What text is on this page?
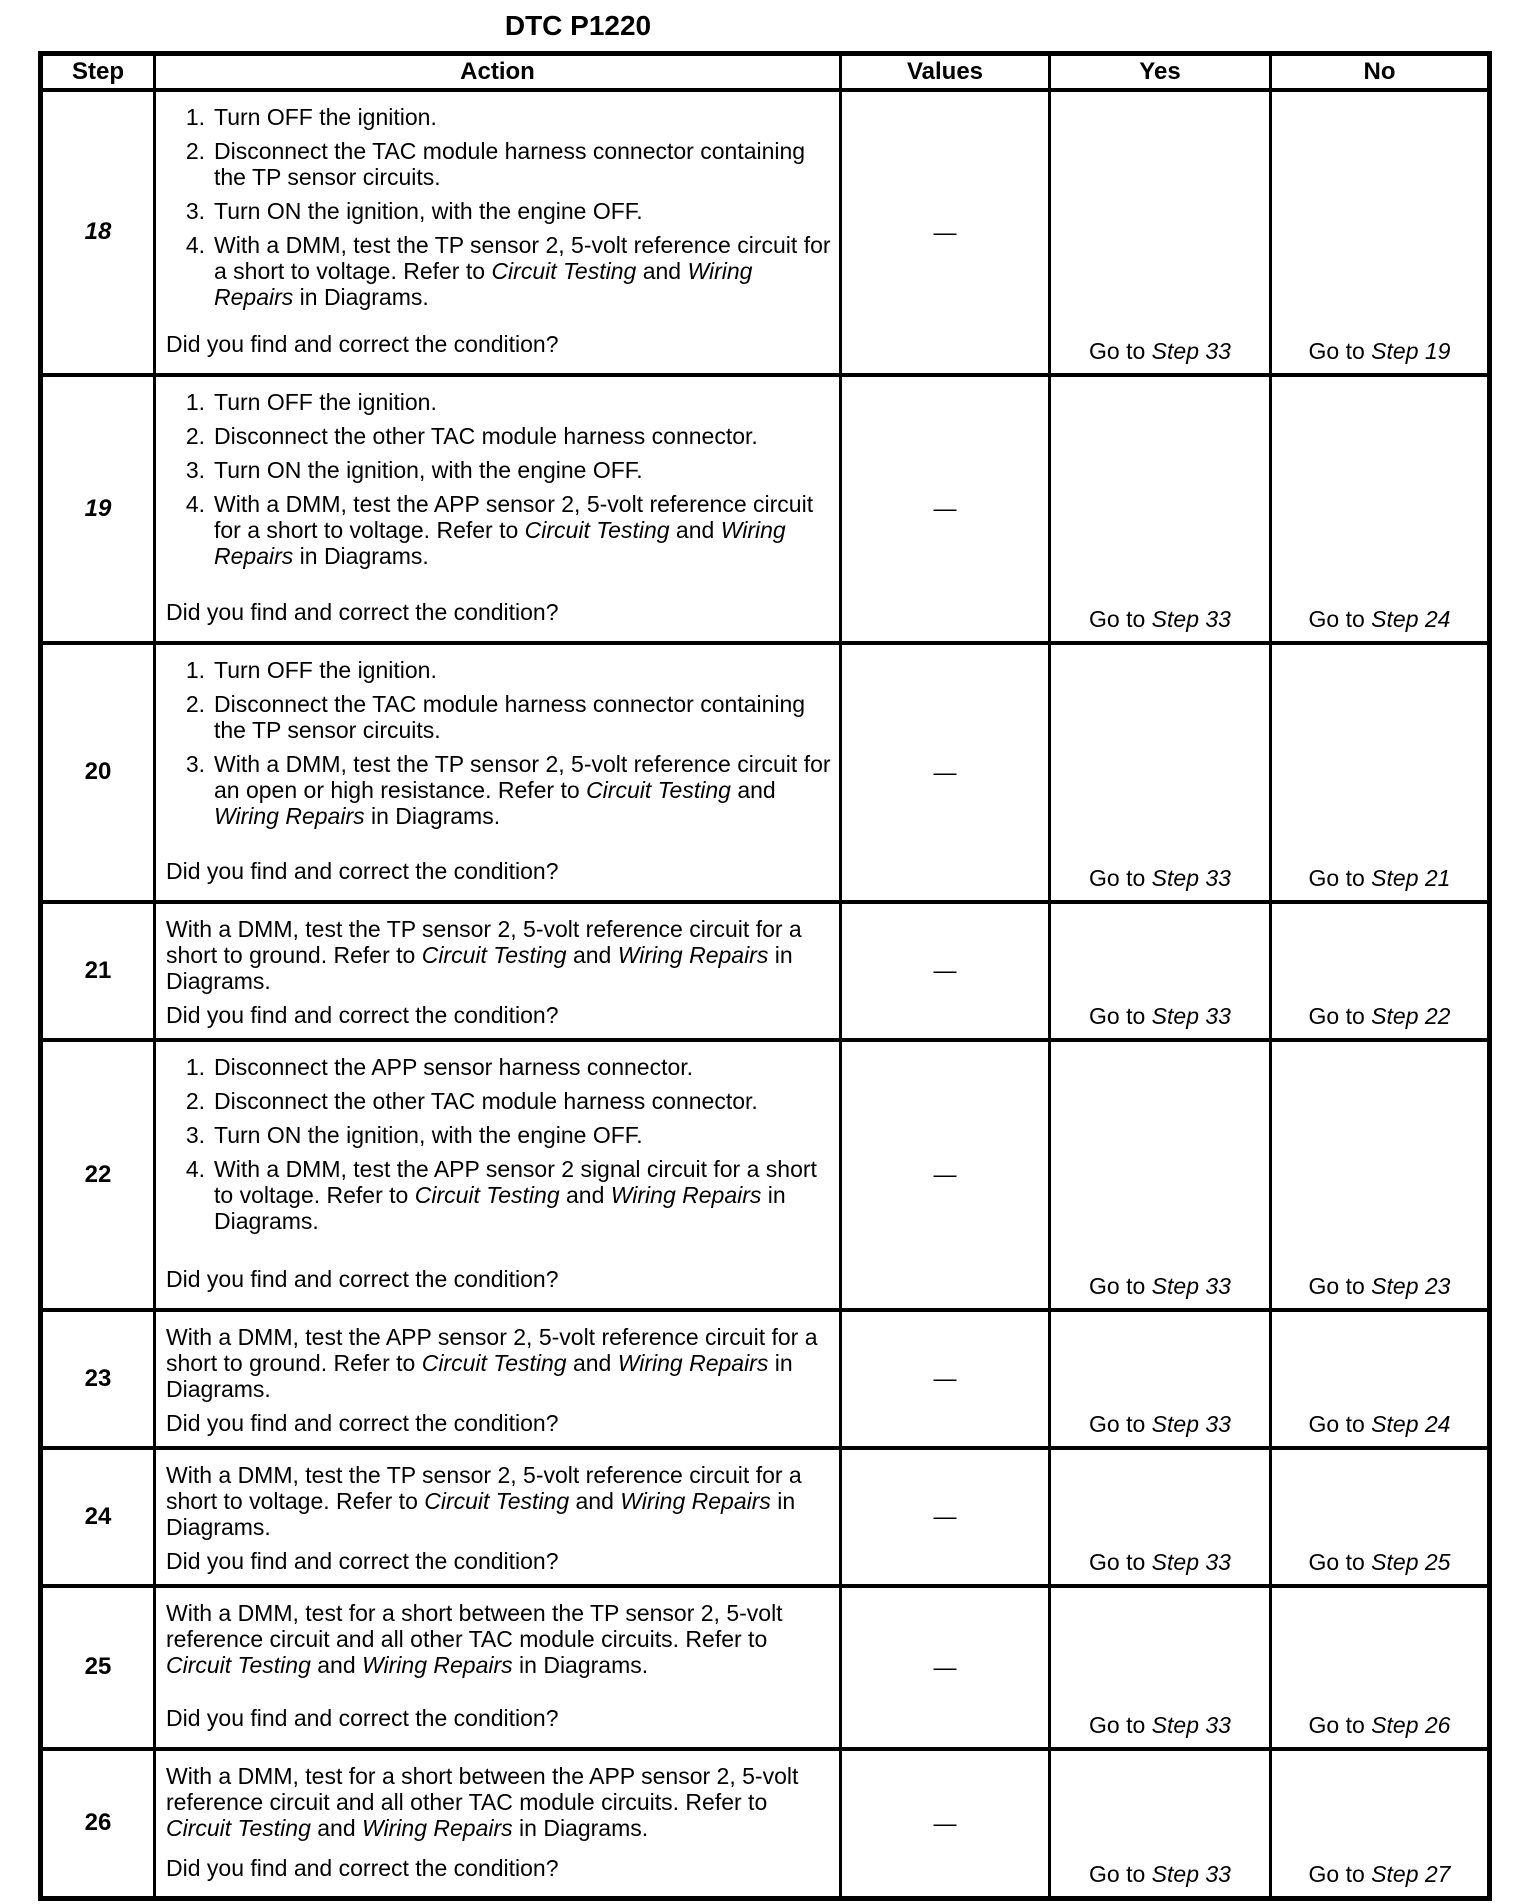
DTC P1220
Step	Action	Values	Yes	No
18	
1. Turn OFF the ignition.
2. Disconnect the TAC module harness connector containing the TP sensor circuits.
3. Turn ON the ignition, with the engine OFF.
4. With a DMM, test the TP sensor 2, 5-volt reference circuit for a short to voltage. Refer to Circuit Testing and Wiring Repairs in Diagrams.
Did you find and correct the condition?
	—	Go to Step 33	Go to Step 19
19	
1. Turn OFF the ignition.
2. Disconnect the other TAC module harness connector.
3. Turn ON the ignition, with the engine OFF.
4. With a DMM, test the APP sensor 2, 5-volt reference circuit for a short to voltage. Refer to Circuit Testing and Wiring Repairs in Diagrams.
Did you find and correct the condition?
	—	Go to Step 33	Go to Step 24
20	
1. Turn OFF the ignition.
2. Disconnect the TAC module harness connector containing the TP sensor circuits.
3. With a DMM, test the TP sensor 2, 5-volt reference circuit for an open or high resistance. Refer to Circuit Testing and Wiring Repairs in Diagrams.
Did you find and correct the condition?
	—	Go to Step 33	Go to Step 21
21	With a DMM, test the TP sensor 2, 5-volt reference circuit for a short to ground. Refer to Circuit Testing and Wiring Repairs in Diagrams.
Did you find and correct the condition?	—	Go to Step 33	Go to Step 22
22	
1. Disconnect the APP sensor harness connector.
2. Disconnect the other TAC module harness connector.
3. Turn ON the ignition, with the engine OFF.
4. With a DMM, test the APP sensor 2 signal circuit for a short to voltage. Refer to Circuit Testing and Wiring Repairs in Diagrams.
Did you find and correct the condition?
	—	Go to Step 33	Go to Step 23
23	With a DMM, test the APP sensor 2, 5-volt reference circuit for a short to ground. Refer to Circuit Testing and Wiring Repairs in Diagrams.
Did you find and correct the condition?	—	Go to Step 33	Go to Step 24
24	With a DMM, test the TP sensor 2, 5-volt reference circuit for a short to voltage. Refer to Circuit Testing and Wiring Repairs in Diagrams.
Did you find and correct the condition?	—	Go to Step 33	Go to Step 25
25	With a DMM, test for a short between the TP sensor 2, 5-volt reference circuit and all other TAC module circuits. Refer to Circuit Testing and Wiring Repairs in Diagrams.
Did you find and correct the condition?	—	Go to Step 33	Go to Step 26
26	With a DMM, test for a short between the APP sensor 2, 5-volt reference circuit and all other TAC module circuits. Refer to Circuit Testing and Wiring Repairs in Diagrams.
Did you find and correct the condition?	—	Go to Step 33	Go to Step 27
